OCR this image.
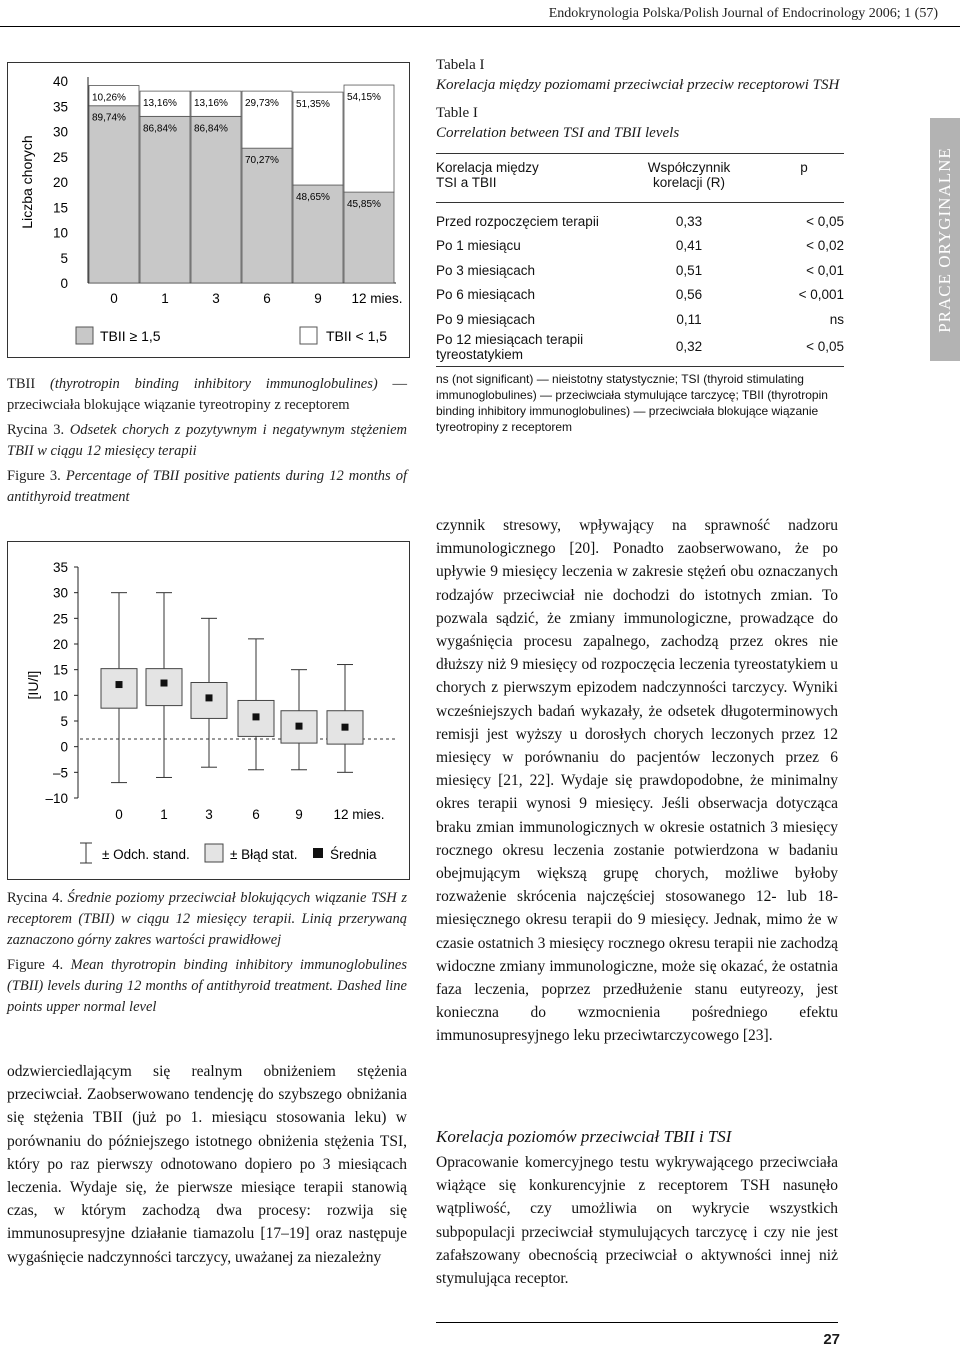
Endokrynologia Polska/Polish Journal of Endocrinology 2006; 1 (57)
Liczba chorych
0
5
10
15
20
25
30
35
40
89,74%
10,26%
0
86,84%
13,16%
1
86,84%
13,16%
3
70,27%
29,73%
6
48,65%
51,35%
9
45,85%
54,15%
12 mies.
TBII ≥ 1,5	TBII < 1,5
TBII (thyrotropin binding inhibitory immunoglobulines) — przeciwciała blokujące wiązanie tyreotropiny z receptorem
Rycina 3. Odsetek chorych z pozytywnym i negatywnym stężeniem TBII w ciągu 12 miesięcy terapii
Figure 3. Percentage of TBII positive patients during 12 months of antithyroid treatment
[IU/l]
35
30
25
20
15
10
5
0
–5
–10
0	1	3	6	9 12 mies.
± Odch. stand.	± Błąd stat. Średnia
Rycina 4. Średnie poziomy przeciwciał blokujących wiązanie TSH z receptorem (TBII) w ciągu 12 miesięcy terapii. Linią przerywaną zaznaczono górny zakres wartości prawidłowej
Figure 4. Mean thyrotropin binding inhibitory immunoglobulines (TBII) levels during 12 months of antithyroid treatment. Dashed line points upper normal level

odzwierciedlającym się realnym obniżeniem stężenia przeciwciał. Zaobserwowano tendencję do szybszego obniżania się stężenia TBII (już po 1. miesiącu stosowania leku) w porównaniu do późniejszego istotnego obniżenia stężenia TSI, który po raz pierwszy odnotowano dopiero po 3 miesiącach leczenia. Wydaje się, że pierwsze miesiące terapii stanowią czas, w którym zachodzą dwa procesy: rozwija się immunosupresyjne działanie tiamazolu [17–19] oraz następuje wygaśnięcie nadczynności tarczycy, uważanej za niezależny

Tabela I
Korelacja między poziomami przeciwciał przeciw receptorowi TSH
Table I
Correlation between TSI and TBII levels
Korelacja między TSI a TBII	Współczynnik korelacji (R)	p

Przed rozpoczęciem terapii	0,33	< 0,05
Po 1 miesiącu	0,41	< 0,02
Po 3 miesiącach	0,51	< 0,01
Po 6 miesiącach	0,56	< 0,001
Po 9 miesiącach	0,11	ns
Po 12 miesiącach terapii tyreostatykiem	0,32	< 0,05
ns (not significant) — nieistotny statystycznie; TSI (thyroid stimulating immunoglobulines) — przeciwciała stymulujące tarczycę; TBII (thyrotropin binding inhibitory immunoglobulines) — przeciwciała blokujące wiązanie tyreotropiny z receptorem

czynnik stresowy, wpływający na sprawność nadzoru immunologicznego [20]. Ponadto zaobserwowano, że po upływie 9 miesięcy leczenia w zakresie stężeń obu oznaczanych rodzajów przeciwciał nie dochodzi do istotnych zmian. To pozwala sądzić, że zmiany immunologiczne, prowadzące do wygaśnięcia procesu zapalnego, zachodzą przez okres nie dłuższy niż 9 miesięcy od rozpoczęcia leczenia tyreostatykiem u chorych z pierwszym epizodem nadczynności tarczycy. Wyniki wcześniejszych badań wykazały, że odsetek długoterminowych remisji jest wyższy u dorosłych chorych leczonych przez 12 miesięcy w porównaniu do pacjentów leczonych przez 6 miesięcy [21, 22]. Wydaje się prawdopodobne, że minimalny okres terapii wynosi 9 miesięcy. Jeśli obserwacja dotycząca braku zmian immunologicznych w okresie ostatnich 3 miesięcy rocznego okresu leczenia zostanie potwierdzona w badaniu obejmującym większą grupę chorych, możliwe byłoby rozważenie skrócenia najczęściej stosowanego 12- lub 18-miesięcznego okresu terapii do 9 miesięcy. Jednak, mimo że w czasie ostatnich 3 miesięcy rocznego okresu terapii nie zachodzą widoczne zmiany immunologiczne, może się okazać, że ostatnia faza leczenia, poprzez przedłużenie stanu eutyreozy, jest konieczna do wzmocnienia pośredniego efektu immunosupresyjnego leku przeciwtarczycowego [23].

Korelacja poziomów przeciwciał TBII i TSI

Opracowanie komercyjnego testu wykrywającego przeciwciała wiążące się konkurencyjnie z receptorem TSH nasunęło wątpliwość, czy umożliwia on wykrycie wszystkich subpopulacji przeciwciał stymulujących tarczycę i czy nie jest zafałszowany obecnością przeciwciał o aktywności innej niż stymulująca receptor.

PRACE ORYGINALNE
27
